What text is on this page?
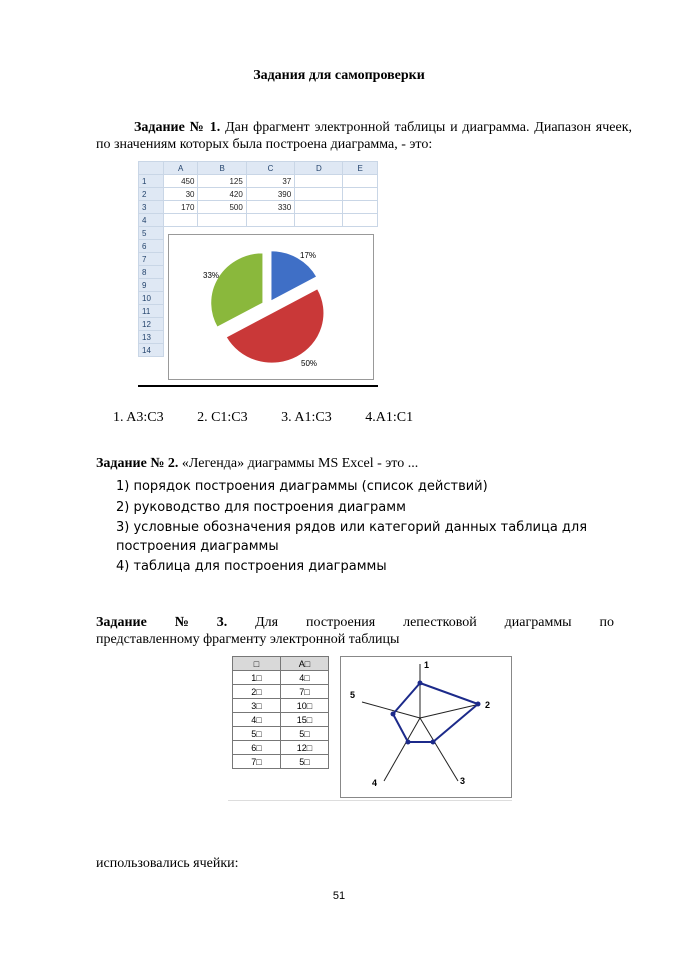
Задания для самопроверки
Задание № 1. Дан фрагмент электронной таблицы и диаграмма. Диапазон ячеек, по значениям которых была построена диаграмма, - это:
	A	B	C	D	E
1	450	125	37		
2	30	420	390		
3	170	500	330		
4					
5					
6					
7					
8					
9					
10					
11					
12					
13					
14					
17%
50%
33%
1. A3:C3 2. C1:C3 3. A1:C3 4.A1:C1
Задание № 2. «Легенда» диаграммы MS Excel - это ...
1) порядок построения диаграммы (список действий)
2) руководство для построения диаграмм
3) условные обозначения рядов или категорий данных таблица для построения диаграммы
4) таблица для построения диаграммы
Задание № 3. Для построения лепестковой диаграммы по
представленному фрагменту электронной таблицы
□	A□
1□	4□
2□	7□
3□	10□
4□	15□
5□	5□
6□	12□
7□	5□
1
2
3
4
5
использовались ячейки:
51
